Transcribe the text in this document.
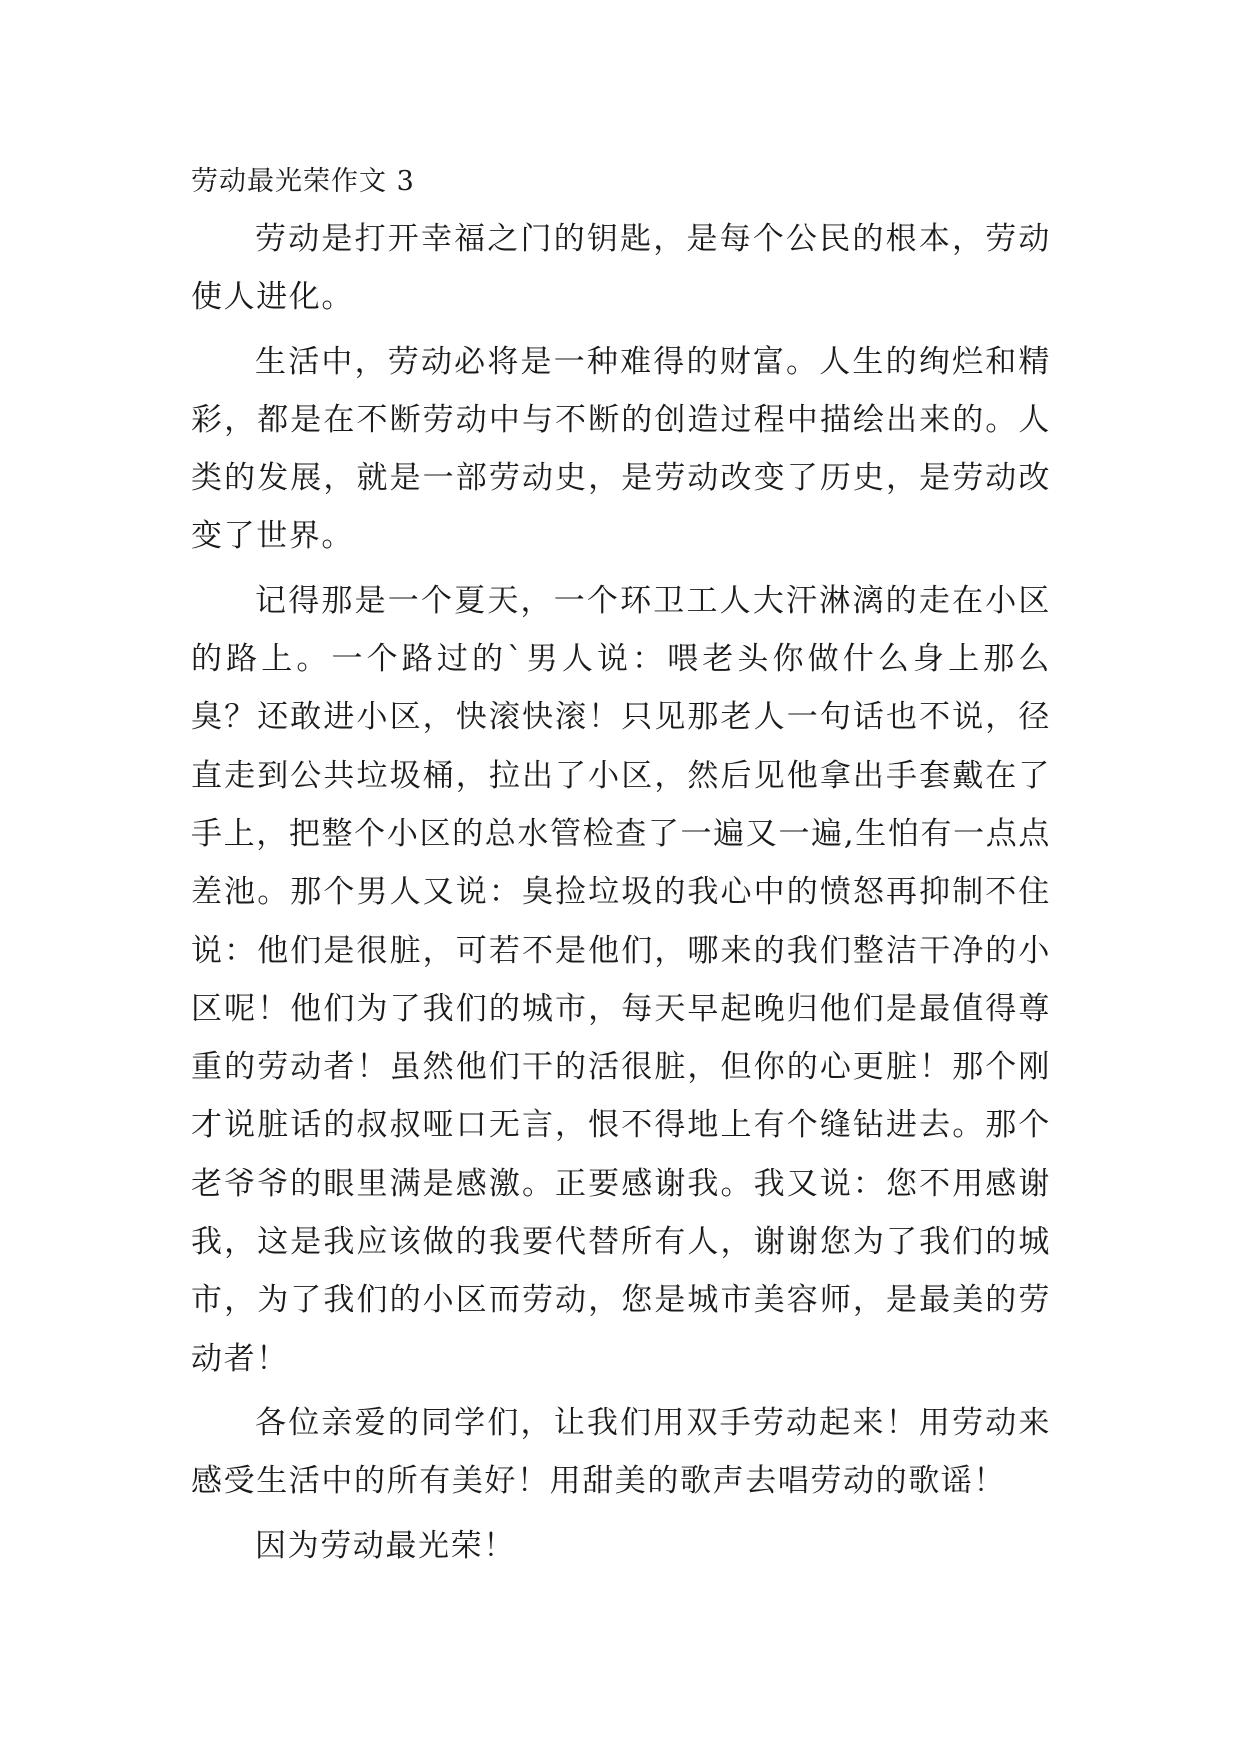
劳动最光荣作文 3

劳动是打开幸福之门的钥匙，是每个公民的根本，劳动使人进化。

生活中，劳动必将是一种难得的财富。人生的绚烂和精彩，都是在不断劳动中与不断的创造过程中描绘出来的。人类的发展，就是一部劳动史，是劳动改变了历史，是劳动改变了世界。

记得那是一个夏天，一个环卫工人大汗淋漓的走在小区的路上。一个路过的`男人说：喂老头你做什么身上那么臭？还敢进小区，快滚快滚！只见那老人一句话也不说，径直走到公共垃圾桶，拉出了小区，然后见他拿出手套戴在了手上，把整个小区的总水管检查了一遍又一遍,生怕有一点点差池。那个男人又说：臭捡垃圾的我心中的愤怒再抑制不住说：他们是很脏，可若不是他们，哪来的我们整洁干净的小区呢！他们为了我们的城市，每天早起晚归他们是最值得尊重的劳动者！虽然他们干的活很脏，但你的心更脏！那个刚才说脏话的叔叔哑口无言，恨不得地上有个缝钻进去。那个老爷爷的眼里满是感激。正要感谢我。我又说：您不用感谢我，这是我应该做的我要代替所有人，谢谢您为了我们的城市，为了我们的小区而劳动，您是城市美容师，是最美的劳动者！

各位亲爱的同学们，让我们用双手劳动起来！用劳动来感受生活中的所有美好！用甜美的歌声去唱劳动的歌谣！

因为劳动最光荣！
